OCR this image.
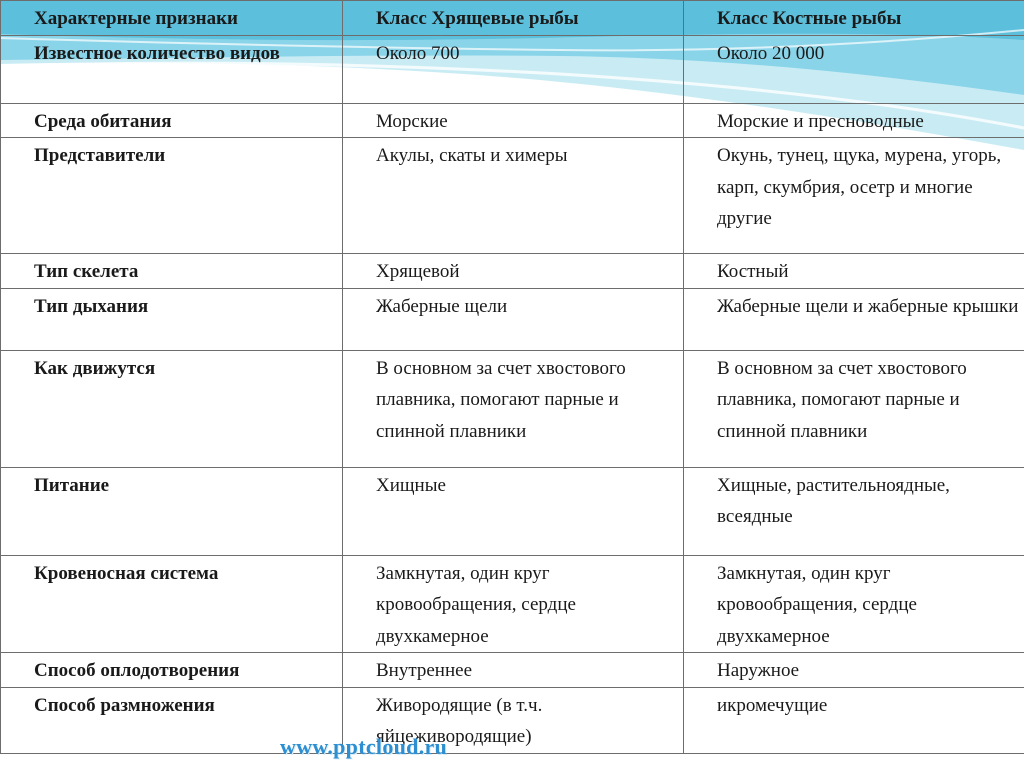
Характерные признаки	Класс Хрящевые рыбы	Класс Костные рыбы
Известное количество видов	Около 700	Около 20 000
Среда обитания	Морские	Морские и пресноводные
Представители	Акулы, скаты и химеры	Окунь, тунец, щука, мурена, угорь, карп, скумбрия, осетр и многие другие
Тип скелета	Хрящевой	Костный
Тип дыхания	Жаберные щели	Жаберные щели и жаберные крышки
Как движутся	В основном за счет хвостового плавника, помогают парные и спинной плавники	В основном за счет хвостового плавника, помогают парные и спинной плавники
Питание	Хищные	Хищные, растительноядные, всеядные
Кровеносная система	Замкнутая, один круг кровообращения, сердце двухкамерное	Замкнутая, один круг кровообращения, сердце двухкамерное
Способ оплодотворения	Внутреннее	Наружное
Способ размножения	Живородящие (в т.ч. яйцеживородящие)	икромечущие
www.pptcloud.ru
